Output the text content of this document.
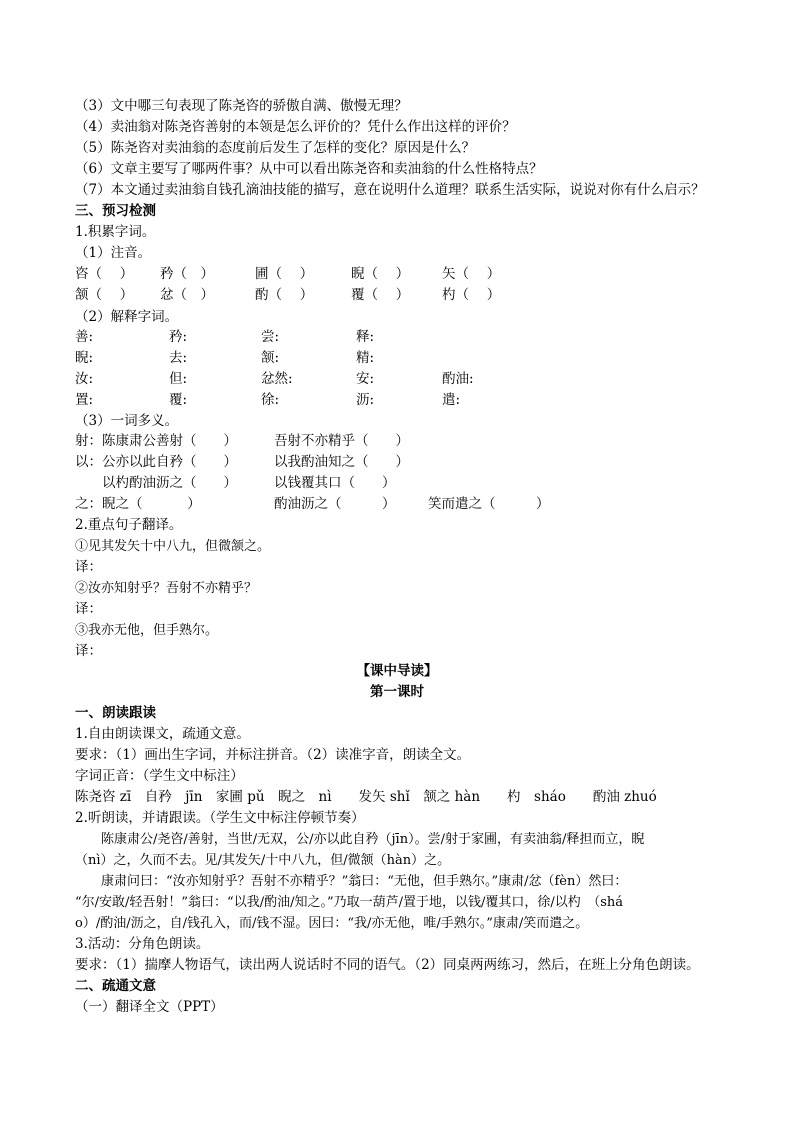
（3）文中哪三句表现了陈尧咨的骄傲自满、傲慢无理？
（4）卖油翁对陈尧咨善射的本领是怎么评价的？凭什么作出这样的评价？
（5）陈尧咨对卖油翁的态度前后发生了怎样的变化？原因是什么？
（6）文章主要写了哪两件事？从中可以看出陈尧咨和卖油翁的什么性格特点？
（7）本文通过卖油翁自钱孔滴油技能的描写，意在说明什么道理？联系生活实际，说说对你有什么启示？
三、预习检测
1.积累字词。
（1）注音。
咨（　 ） 矜（　）	圃（　 ）	睨（　 ） 矢（　 ）
颔（　 ） 忿（　）	酌（　 ）	覆（　 ） 杓（　 ）
（2）解释字词。
善:	矜:	尝:	释:
睨:	去:	颔:	精:
汝:	但:	忿然:	安:	酌油:
置:	覆:	徐:	沥:	遣:
（3）一词多义。
射：陈康肃公善射（　　）	吾射不亦精乎（　　）
以：公亦以此自矜（　　）	以我酌油知之（　　）
　　以杓酌油沥之（　　）	以钱覆其口（　　）
之：睨之（　　　 ）	酌油沥之（　　　） 笑而遣之（　　　）
2.重点句子翻译。
①见其发矢十中八九，但微颔之。
译：
②汝亦知射乎？吾射不亦精乎？
译：
③我亦无他，但手熟尔。
译：
【课中导读】
第一课时
一、朗读跟读
1.自由朗读课文，疏通文意。
要求：（1）画出生字词，并标注拼音。（2）读准字音，朗读全文。
字词正音：（学生文中标注）
陈尧咨 zī　自矜　jīn　家圃 pǔ　睨之　nì　　发矢 shǐ　颔之 hàn　　杓　sháo　　酌油 zhuó
2.听朗读，并请跟读。（学生文中标注停顿节奏）
　　陈康肃公/尧咨/善射，当世/无双，公/亦以此自矜（jīn）。尝/射于家圃，有卖油翁/释担而立，睨
（nì）之，久而不去。见/其发矢/十中八九，但/微颔（hàn）之。
　　康肃问曰：“汝亦知射乎？吾射不亦精乎？”翁曰：“无他，但手熟尔。”康肃/忿（fèn）然曰：
“尔/安敢/轻吾射！”翁曰：“以我/酌油/知之。”乃取一葫芦/置于地，以钱/覆其口，徐/以杓　（shá
o）/酌油/沥之，自/钱孔入，而/钱不湿。因曰：“我/亦无他，唯/手熟尔。”康肃/笑而遣之。
3.活动：分角色朗读。
要求：（1）揣摩人物语气，读出两人说话时不同的语气。（2）同桌两两练习，然后，在班上分角色朗读。
二、疏通文意
（一）翻译全文（PPT）
